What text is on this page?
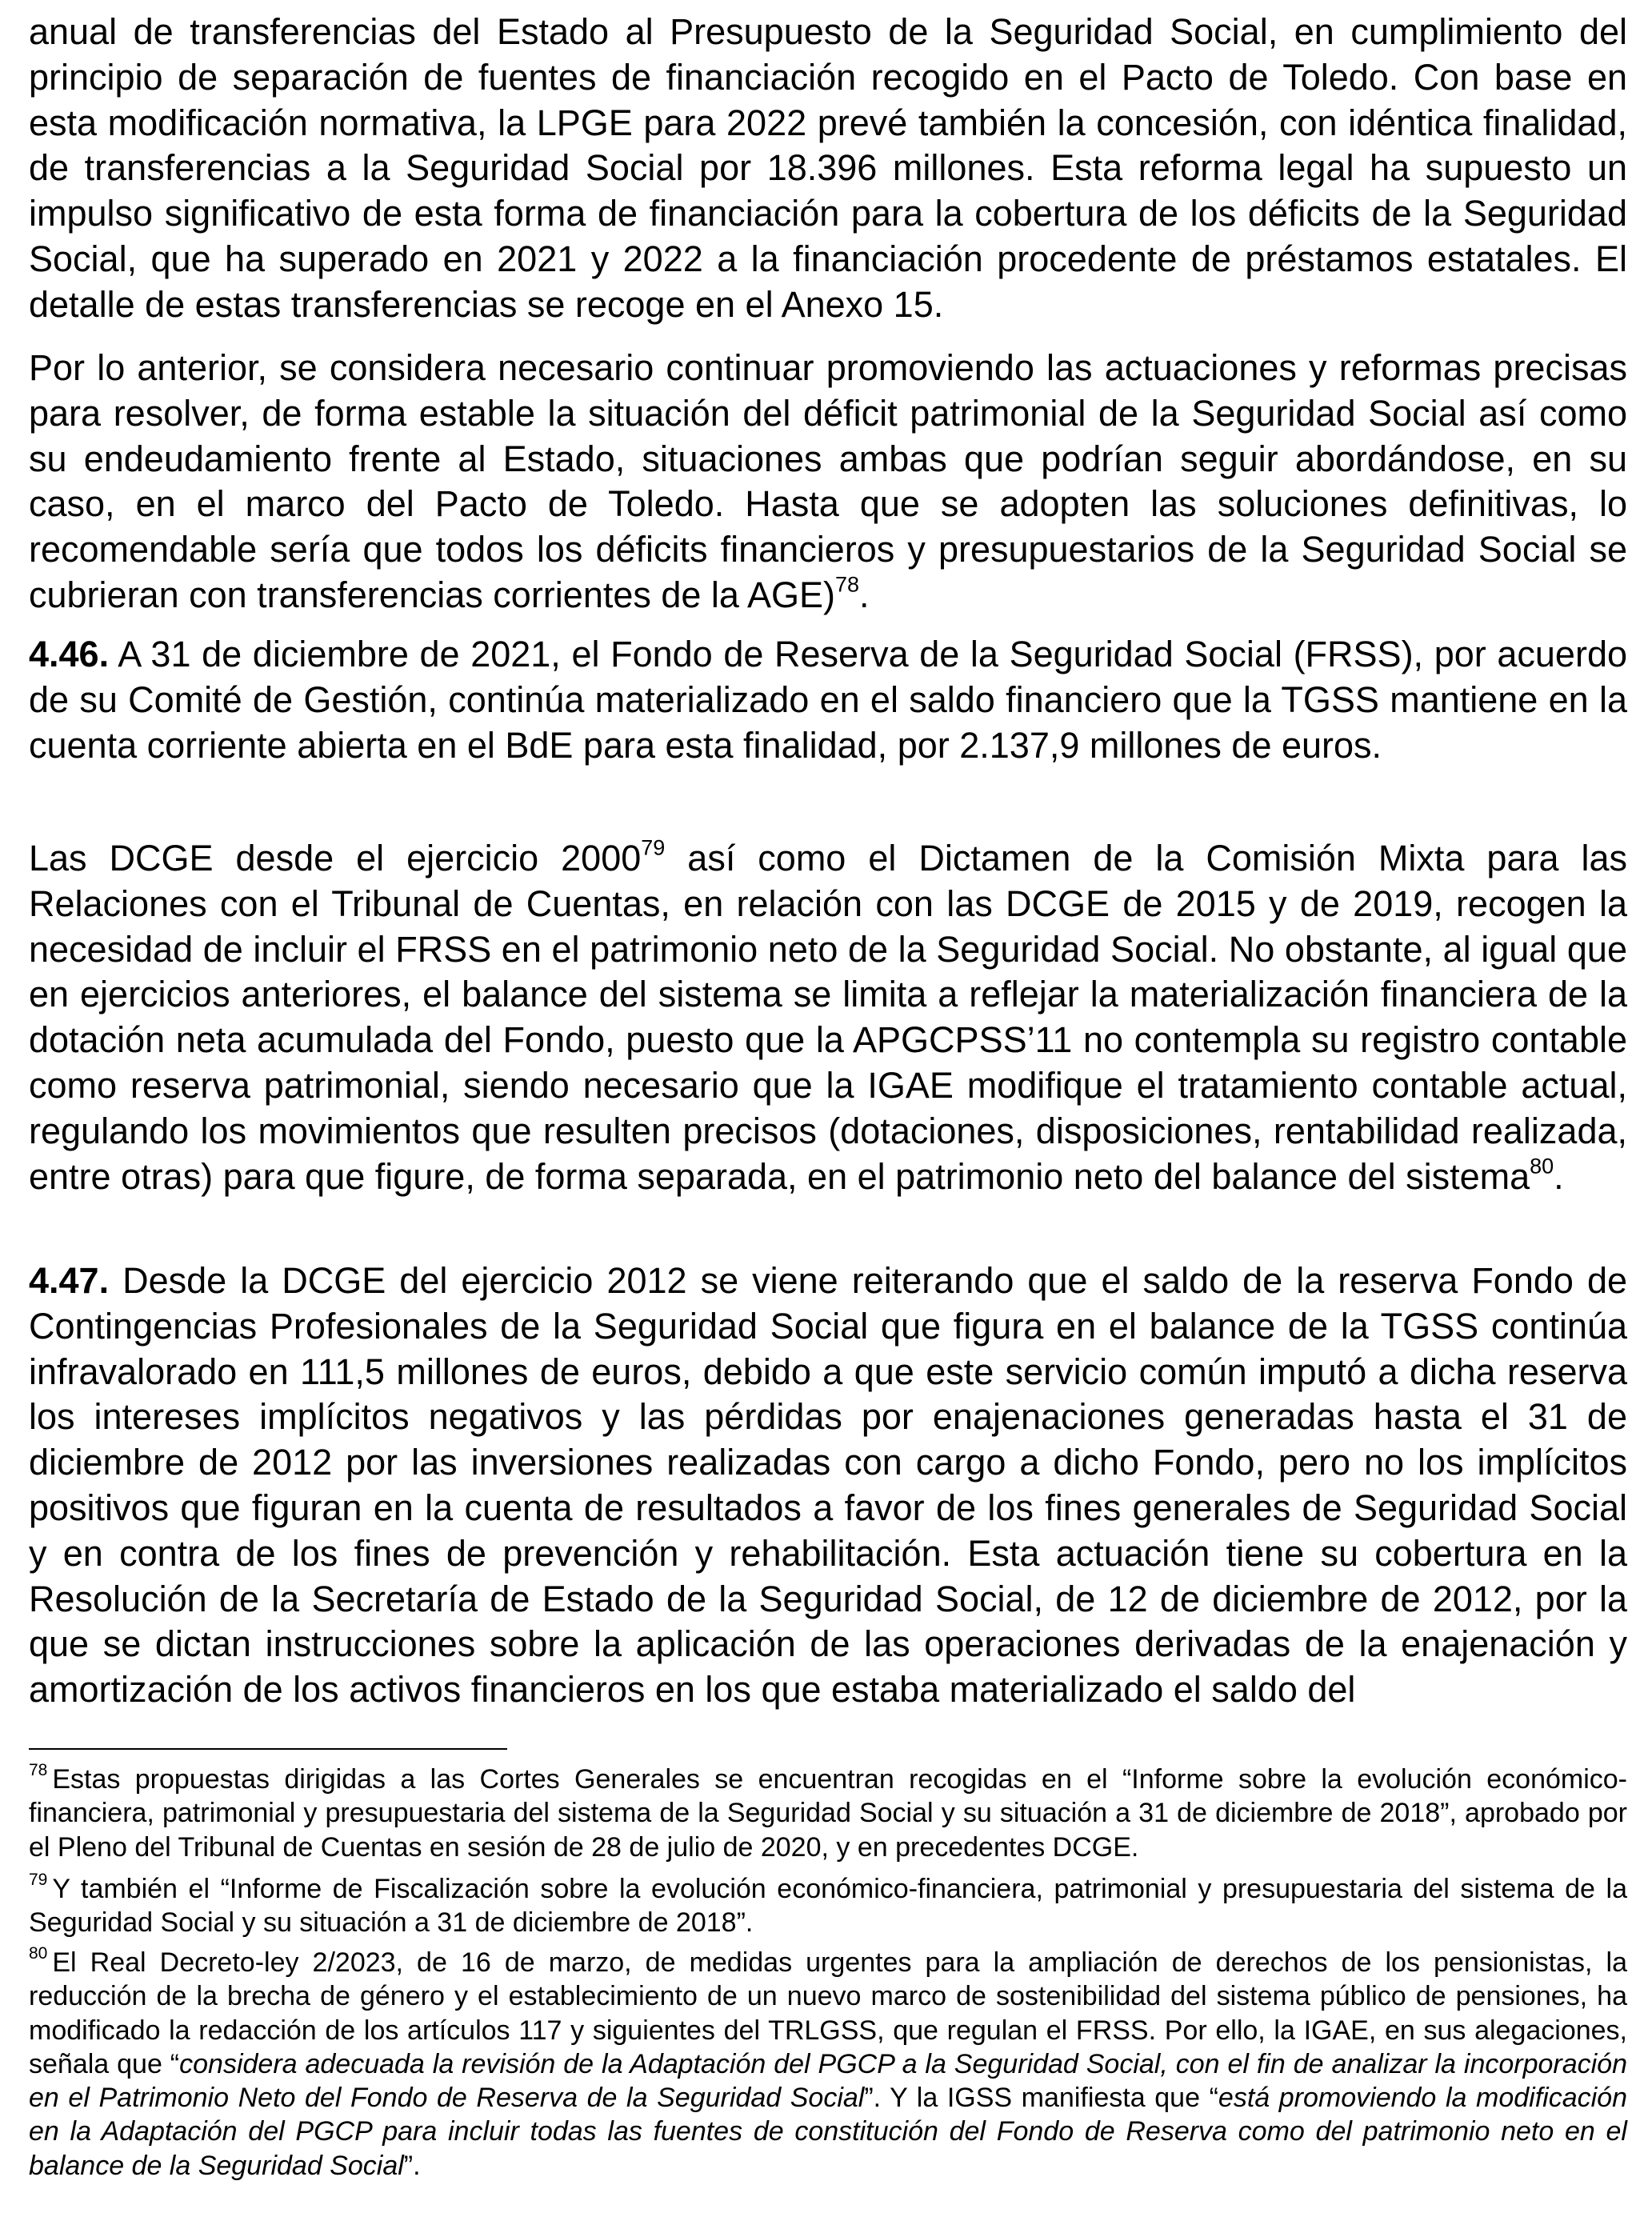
anual de transferencias del Estado al Presupuesto de la Seguridad Social, en cumplimiento del principio de separación de fuentes de financiación recogido en el Pacto de Toledo. Con base en esta modificación normativa, la LPGE para 2022 prevé también la concesión, con idéntica finalidad, de transferencias a la Seguridad Social por 18.396 millones. Esta reforma legal ha supuesto un impulso significativo de esta forma de financiación para la cobertura de los déficits de la Seguridad Social, que ha superado en 2021 y 2022 a la financiación procedente de préstamos estatales. El detalle de estas transferencias se recoge en el Anexo 15.

Por lo anterior, se considera necesario continuar promoviendo las actuaciones y reformas precisas para resolver, de forma estable la situación del déficit patrimonial de la Seguridad Social así como su endeudamiento frente al Estado, situaciones ambas que podrían seguir abordándose, en su caso, en el marco del Pacto de Toledo. Hasta que se adopten las soluciones definitivas, lo recomendable sería que todos los déficits financieros y presupuestarios de la Seguridad Social se cubrieran con transferencias corrientes de la AGE)$^{78}$.

4.46. A 31 de diciembre de 2021, el Fondo de Reserva de la Seguridad Social (FRSS), por acuerdo de su Comité de Gestión, continúa materializado en el saldo financiero que la TGSS mantiene en la cuenta corriente abierta en el BdE para esta finalidad, por 2.137,9 millones de euros.

Las DCGE desde el ejercicio 2000$^{79}$ así como el Dictamen de la Comisión Mixta para las Relaciones con el Tribunal de Cuentas, en relación con las DCGE de 2015 y de 2019, recogen la necesidad de incluir el FRSS en el patrimonio neto de la Seguridad Social. No obstante, al igual que en ejercicios anteriores, el balance del sistema se limita a reflejar la materialización financiera de la dotación neta acumulada del Fondo, puesto que la APGCPSS’11 no contempla su registro contable como reserva patrimonial, siendo necesario que la IGAE modifique el tratamiento contable actual, regulando los movimientos que resulten precisos (dotaciones, disposiciones, rentabilidad realizada, entre otras) para que figure, de forma separada, en el patrimonio neto del balance del sistema$^{80}$.

4.47. Desde la DCGE del ejercicio 2012 se viene reiterando que el saldo de la reserva Fondo de Contingencias Profesionales de la Seguridad Social que figura en el balance de la TGSS continúa infravalorado en 111,5 millones de euros, debido a que este servicio común imputó a dicha reserva los intereses implícitos negativos y las pérdidas por enajenaciones generadas hasta el 31 de diciembre de 2012 por las inversiones realizadas con cargo a dicho Fondo, pero no los implícitos positivos que figuran en la cuenta de resultados a favor de los fines generales de Seguridad Social y en contra de los fines de prevención y rehabilitación. Esta actuación tiene su cobertura en la Resolución de la Secretaría de Estado de la Seguridad Social, de 12 de diciembre de 2012, por la que se dictan instrucciones sobre la aplicación de las operaciones derivadas de la enajenación y amortización de los activos financieros en los que estaba materializado el saldo del

$^{78}$ Estas propuestas dirigidas a las Cortes Generales se encuentran recogidas en el “Informe sobre la evolución económico-financiera, patrimonial y presupuestaria del sistema de la Seguridad Social y su situación a 31 de diciembre de 2018”, aprobado por el Pleno del Tribunal de Cuentas en sesión de 28 de julio de 2020, y en precedentes DCGE.

$^{79}$ Y también el “Informe de Fiscalización sobre la evolución económico-financiera, patrimonial y presupuestaria del sistema de la Seguridad Social y su situación a 31 de diciembre de 2018”.

$^{80}$ El Real Decreto-ley 2/2023, de 16 de marzo, de medidas urgentes para la ampliación de derechos de los pensionistas, la reducción de la brecha de género y el establecimiento de un nuevo marco de sostenibilidad del sistema público de pensiones, ha modificado la redacción de los artículos 117 y siguientes del TRLGSS, que regulan el FRSS. Por ello, la IGAE, en sus alegaciones, señala que “considera adecuada la revisión de la Adaptación del PGCP a la Seguridad Social, con el fin de analizar la incorporación en el Patrimonio Neto del Fondo de Reserva de la Seguridad Social”. Y la IGSS manifiesta que “está promoviendo la modificación en la Adaptación del PGCP para incluir todas las fuentes de constitución del Fondo de Reserva como del patrimonio neto en el balance de la Seguridad Social”.
